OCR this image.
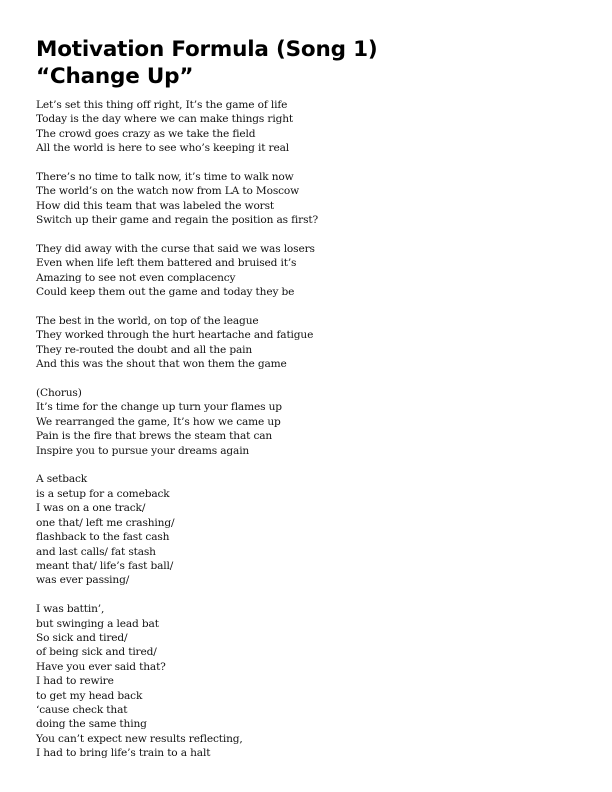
Motivation Formula (Song 1)
“Change Up”
Let’s set this thing off right, It’s the game of life
Today is the day where we can make things right
The crowd goes crazy as we take the field
All the world is here to see who’s keeping it real
There’s no time to talk now, it’s time to walk now
The world’s on the watch now from LA to Moscow
How did this team that was labeled the worst
Switch up their game and regain the position as first?
They did away with the curse that said we was losers
Even when life left them battered and bruised it’s
Amazing to see not even complacency
Could keep them out the game and today they be
The best in the world, on top of the league
They worked through the hurt heartache and fatigue
They re-routed the doubt and all the pain
And this was the shout that won them the game
(Chorus)
It’s time for the change up turn your flames up
We rearranged the game, It’s how we came up
Pain is the fire that brews the steam that can
Inspire you to pursue your dreams again
A setback
is a setup for a comeback
I was on a one track/
one that/ left me crashing/
flashback to the fast cash
and last calls/ fat stash
meant that/ life’s fast ball/
was ever passing/
I was battin’,
but swinging a lead bat
So sick and tired/
of being sick and tired/
Have you ever said that?
I had to rewire
to get my head back
‘cause check that
doing the same thing
You can’t expect new results reflecting,
I had to bring life’s train to a halt
